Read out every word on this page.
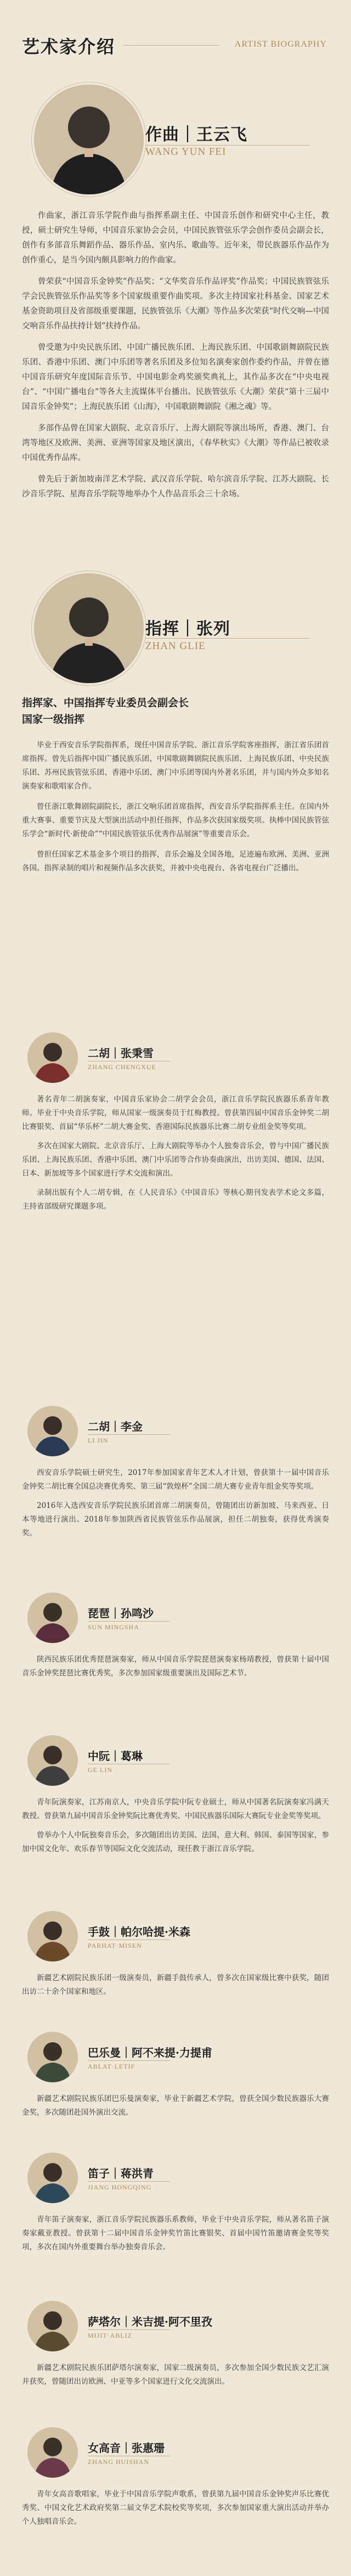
艺术家介绍	ARTIST BIOGRAPHY
作曲｜王云飞
WANG YUN FEI

作曲家，浙江音乐学院作曲与指挥系副主任、中国音乐创作和研究中心主任，教授，硕士研究生导师，中国音乐家协会会员，中国民族管弦乐学会创作委员会副会长，创作有多部音乐舞蹈作品、器乐作品、室内乐、歌曲等。近年来，带民族器乐作品作为创作重心，是当今国内颇具影响力的作曲家。

曾荣获“中国音乐金钟奖”作品奖；“文华奖音乐作品评奖”作品奖；中国民族管弦乐学会民族管弦乐作品奖等多个国家级重要作曲奖项。多次主持国家社科基金、国家艺术基金资助项目及省部级重要课题，民族管弦乐《大潮》等作品多次荣获“时代交响—中国交响音乐作品扶持计划”扶持作品。

曾受邀为中央民族乐团、中国广播民族乐团、上海民族乐团、中国歌剧舞剧院民族乐团、香港中乐团、澳门中乐团等著名乐团及多位知名演奏家创作委约作品，并曾在德中国音乐研究年度国际音乐节、中国电影金鸡奖颁奖典礼上，其作品多次在“中央电视台”、“中国广播电台”等各大主流媒体平台播出。民族管弦乐《大潮》荣获“第十三届中国音乐金钟奖”；上海民族乐团《山海》，中国歌剧舞剧院《湘之魂》等。

多部作品曾在国家大剧院、北京音乐厅、上海大剧院等演出场所，香港、澳门、台湾等地区及欧洲、美洲、亚洲等国家及地区演出，《春华秋实》《大潮》等作品已被收录中国优秀作品库。

曾先后于新加坡南洋艺术学院、武汉音乐学院、哈尔滨音乐学院、江苏大剧院、长沙音乐学院、星海音乐学院等地举办个人作品音乐会三十余场。

指挥｜张列
ZHAN GLIE
指挥家、中国指挥专业委员会副会长
国家一级指挥

毕业于西安音乐学院指挥系，现任中国音乐学院、浙江音乐学院客座指挥，浙江省乐团首席指挥。曾先后指挥中国广播民族乐团、中国歌剧舞剧院民族乐团、上海民族乐团、中央民族乐团、苏州民族管弦乐团、香港中乐团、澳门中乐团等国内外著名乐团，并与国内外众多知名演奏家和歌唱家合作。

曾任浙江歌舞剧院副院长，浙江交响乐团首席指挥，西安音乐学院指挥系主任。在国内外重大赛事、重要节庆及大型演出活动中担任指挥，作品多次获国家级奖项。执棒中国民族管弦乐学会“新时代·新使命”“中国民族管弦乐优秀作品展演”等重要音乐会。

曾担任国家艺术基金多个项目的指挥，音乐会遍及全国各地，足迹遍布欧洲、美洲、亚洲各国。指挥录制的唱片和视频作品多次获奖，并被中央电视台、各省电视台广泛播出。

二胡｜张秉雪
ZHANG CHENGXUE

著名青年二胡演奏家，中国音乐家协会二胡学会会员，浙江音乐学院民族器乐系青年教师。毕业于中央音乐学院，师从国家一级演奏员于红梅教授。曾获第四届中国音乐金钟奖二胡比赛银奖、首届“华乐杯”二胡大赛金奖、香港国际民族器乐比赛二胡专业组金奖等奖项。

多次在国家大剧院、北京音乐厅、上海大剧院等举办个人独奏音乐会，曾与中国广播民族乐团、上海民族乐团、香港中乐团、澳门中乐团等合作协奏曲演出，出访美国、德国、法国、日本、新加坡等多个国家进行学术交流和演出。

录制出版有个人二胡专辑，在《人民音乐》《中国音乐》等核心期刊发表学术论文多篇，主持省部级研究课题多项。

二胡｜李金
LI JIN

西安音乐学院硕士研究生，2017年参加国家青年艺术人才计划，曾获第十一届中国音乐金钟奖二胡比赛全国总决赛优秀奖、第三届“敦煌杯”全国二胡大赛专业青年组金奖等奖项。

2016年入选西安音乐学院民族乐团首席二胡演奏员，曾随团出访新加坡、马来西亚、日本等地进行演出。2018年参加陕西省民族管弦乐作品展演，担任二胡独奏，获得优秀演奏奖。

琵琶｜孙鸣沙
SUN MINGSHA

陕西民族乐团优秀琵琶演奏家，师从中国音乐学院琵琶演奏家杨靖教授，曾获第十届中国音乐金钟奖琵琶比赛优秀奖，多次参加国家级重要演出及国际艺术节。

中阮｜葛琳
GE LIN

青年阮演奏家，江苏南京人，中央音乐学院中阮专业硕士，师从中国著名阮演奏家冯满天教授。曾获第九届中国音乐金钟奖阮比赛优秀奖、中国民族器乐国际大赛阮专业金奖等奖项。

曾举办个人中阮独奏音乐会，多次随团出访美国、法国、意大利、韩国、泰国等国家，参加中国文化年、欢乐春节等国际文化交流活动，现任教于浙江音乐学院。

手鼓｜帕尔哈提·米森
PARHAT·MISEN

新疆艺术剧院民族乐团一级演奏员，新疆手鼓传承人，曾多次在国家级比赛中获奖，随团出访二十余个国家和地区。

巴乐曼｜阿不来提·力提甫
ABLAT·LETIF

新疆艺术剧院民族乐团巴乐曼演奏家，毕业于新疆艺术学院，曾获全国少数民族器乐大赛金奖，多次随团赴国外演出交流。

笛子｜蒋洪青
JIANG HONGQING

青年笛子演奏家，浙江音乐学院民族器乐系教师，毕业于中央音乐学院，师从著名笛子演奏家戴亚教授。曾获第十二届中国音乐金钟奖竹笛比赛银奖、首届中国竹笛邀请赛金奖等奖项，多次在国内外重要舞台举办独奏音乐会。

萨塔尔｜米吉提·阿不里孜
MIJIT·ABLIZ

新疆艺术剧院民族乐团萨塔尔演奏家，国家二级演奏员，多次参加全国少数民族文艺汇演并获奖，曾随团出访欧洲、中亚等多个国家进行文化交流演出。

女高音｜张惠珊
ZHANG HUISHAN

青年女高音歌唱家，毕业于中国音乐学院声歌系，曾获第九届中国音乐金钟奖声乐比赛优秀奖、中国文化艺术政府奖第二届文华艺术院校奖等奖项，多次参加国家重大演出活动并举办个人独唱音乐会。
